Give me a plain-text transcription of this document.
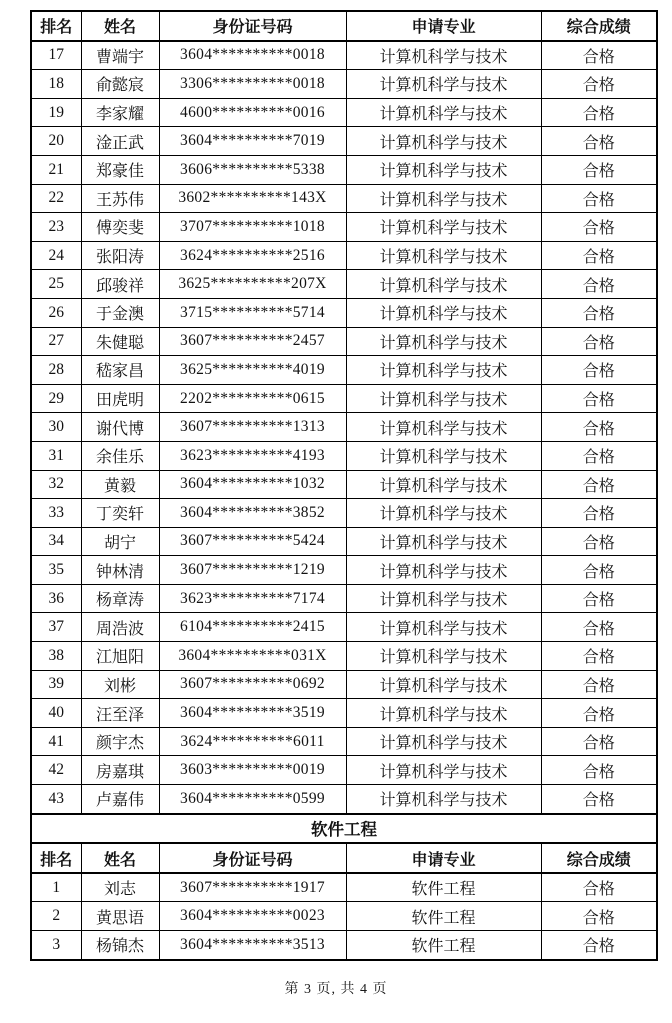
排名	姓名	身份证号码	申请专业	综合成绩
17	曹端宇	3604**********0018	计算机科学与技术	合格
18	俞懿宸	3306**********0018	计算机科学与技术	合格
19	李家耀	4600**********0016	计算机科学与技术	合格
20	淦正武	3604**********7019	计算机科学与技术	合格
21	郑豪佳	3606**********5338	计算机科学与技术	合格
22	王苏伟	3602**********143X	计算机科学与技术	合格
23	傅奕斐	3707**********1018	计算机科学与技术	合格
24	张阳涛	3624**********2516	计算机科学与技术	合格
25	邱骏祥	3625**********207X	计算机科学与技术	合格
26	于金澳	3715**********5714	计算机科学与技术	合格
27	朱健聪	3607**********2457	计算机科学与技术	合格
28	嵇家昌	3625**********4019	计算机科学与技术	合格
29	田虎明	2202**********0615	计算机科学与技术	合格
30	谢代博	3607**********1313	计算机科学与技术	合格
31	余佳乐	3623**********4193	计算机科学与技术	合格
32	黄毅	3604**********1032	计算机科学与技术	合格
33	丁奕轩	3604**********3852	计算机科学与技术	合格
34	胡宁	3607**********5424	计算机科学与技术	合格
35	钟林清	3607**********1219	计算机科学与技术	合格
36	杨章涛	3623**********7174	计算机科学与技术	合格
37	周浩波	6104**********2415	计算机科学与技术	合格
38	江旭阳	3604**********031X	计算机科学与技术	合格
39	刘彬	3607**********0692	计算机科学与技术	合格
40	汪至泽	3604**********3519	计算机科学与技术	合格
41	颜宇杰	3624**********6011	计算机科学与技术	合格
42	房嘉琪	3603**********0019	计算机科学与技术	合格
43	卢嘉伟	3604**********0599	计算机科学与技术	合格
软件工程				
排名	姓名	身份证号码	申请专业	综合成绩
1	刘志	3607**********1917	软件工程	合格
2	黄思语	3604**********0023	软件工程	合格
3	杨锦杰	3604**********3513	软件工程	合格
第 3 页, 共 4 页
